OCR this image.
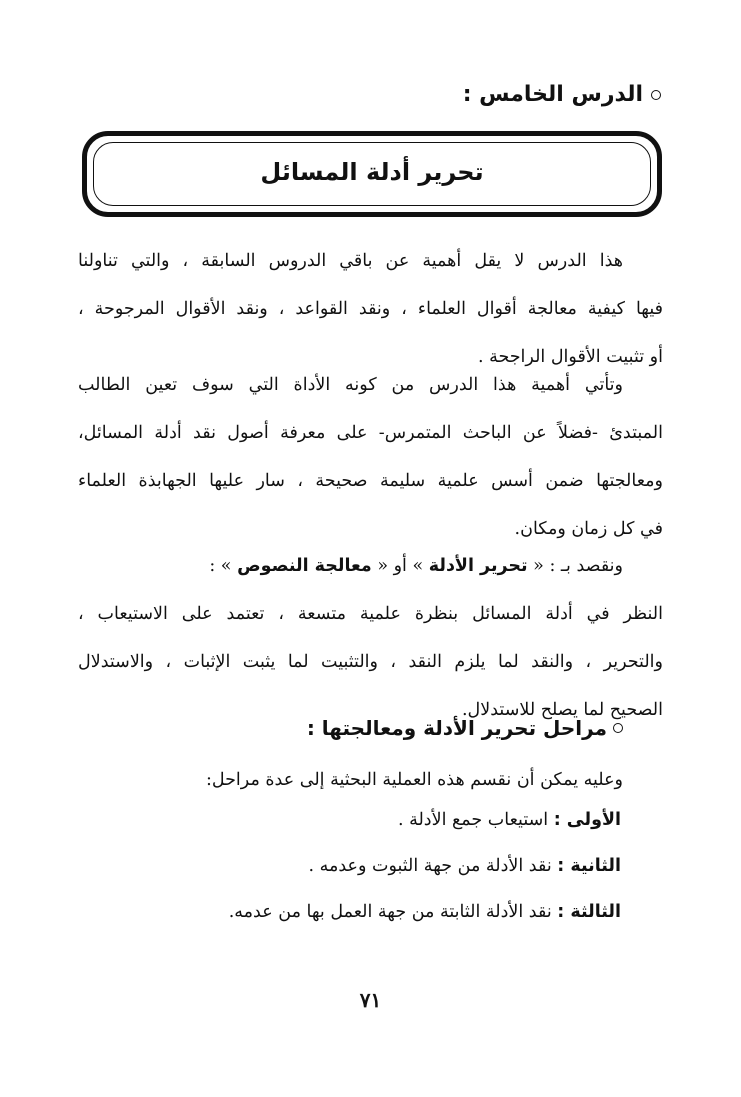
الدرس الخامس :
تحرير أدلة المسائل
هذا الدرس لا يقل أهمية عن باقي الدروس السابقة ، والتي تناولنا
فيها كيفية معالجة أقوال العلماء ، ونقد القواعد ، ونقد الأقوال المرجوحة ،
أو تثبيت الأقوال الراجحة .
وتأتي أهمية هذا الدرس من كونه الأداة التي سوف تعين الطالب
المبتدئ -فضلاً عن الباحث المتمرس- على معرفة أصول نقد أدلة المسائل،
ومعالجتها ضمن أسس علمية سليمة صحيحة ، سار عليها الجهابذة العلماء
في كل زمان ومكان.
ونقصد بـ : « تحرير الأدلة » أو « معالجة النصوص » :
النظر في أدلة المسائل بنظرة علمية متسعة ، تعتمد على الاستيعاب ،
والتحرير ، والنقد لما يلزم النقد ، والتثبيت لما يثبت الإثبات ، والاستدلال
الصحيح لما يصلح للاستدلال.
مراحل تحرير الأدلة ومعالجتها :
وعليه يمكن أن نقسم هذه العملية البحثية إلى عدة مراحل:
الأولى : استيعاب جمع الأدلة .
الثانية : نقد الأدلة من جهة الثبوت وعدمه .
الثالثة : نقد الأدلة الثابتة من جهة العمل بها من عدمه.
٧١
